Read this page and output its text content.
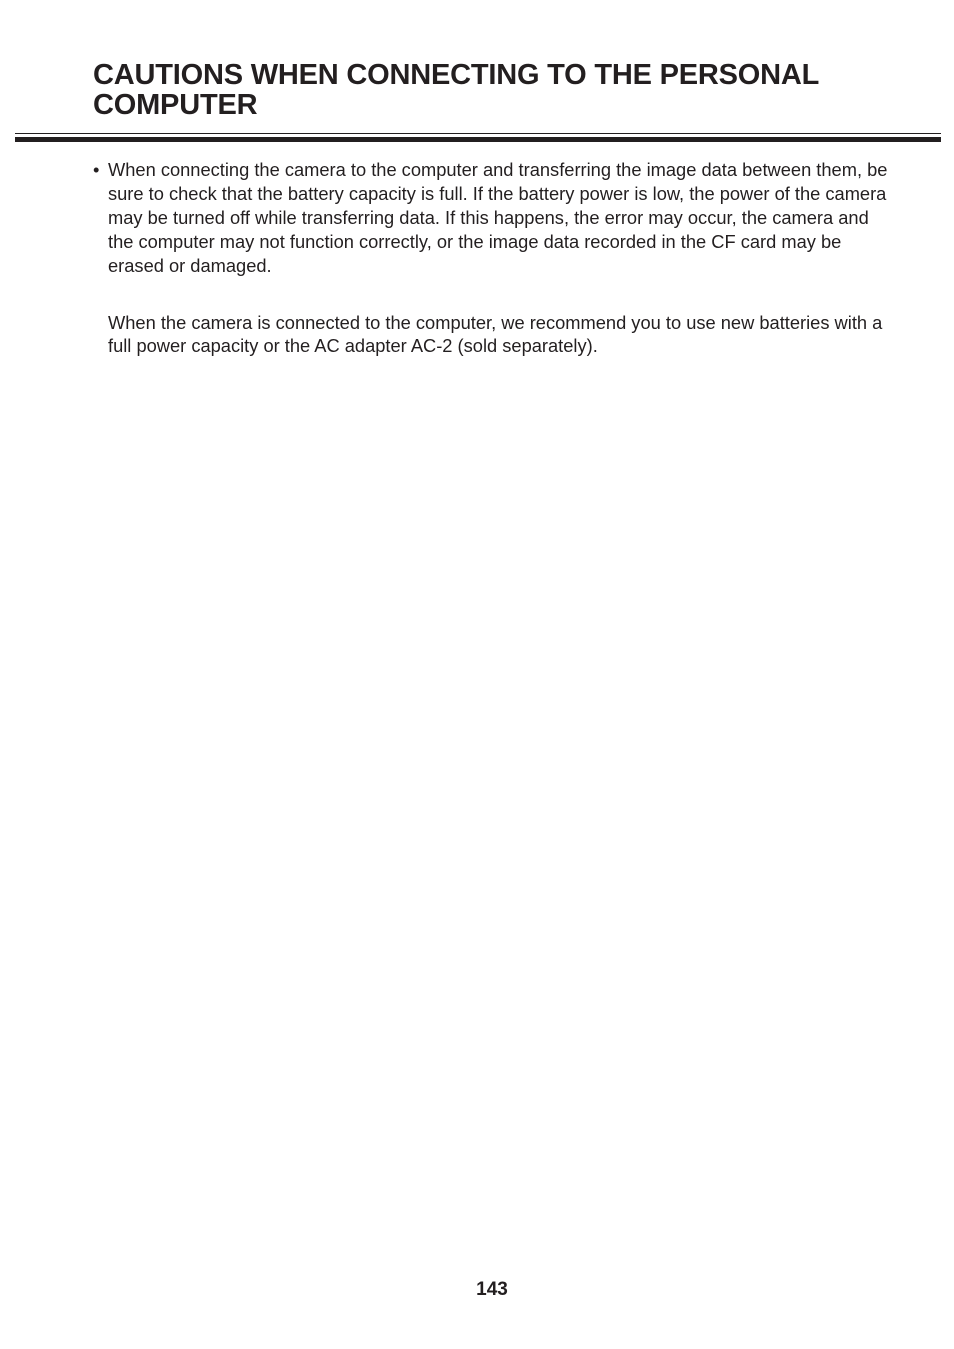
CAUTIONS WHEN CONNECTING TO THE PERSONAL
COMPUTER
• When connecting the camera to the computer and transferring the image data between them, be sure to check that the battery capacity is full. If the battery power is low, the power of the camera may be turned off while transferring data. If this happens, the error may occur, the camera and the computer may not function correctly, or the image data recorded in the CF card may be erased or damaged.

When the camera is connected to the computer, we recommend you to use new batteries with a full power capacity or the AC adapter AC-2 (sold separately).

143
